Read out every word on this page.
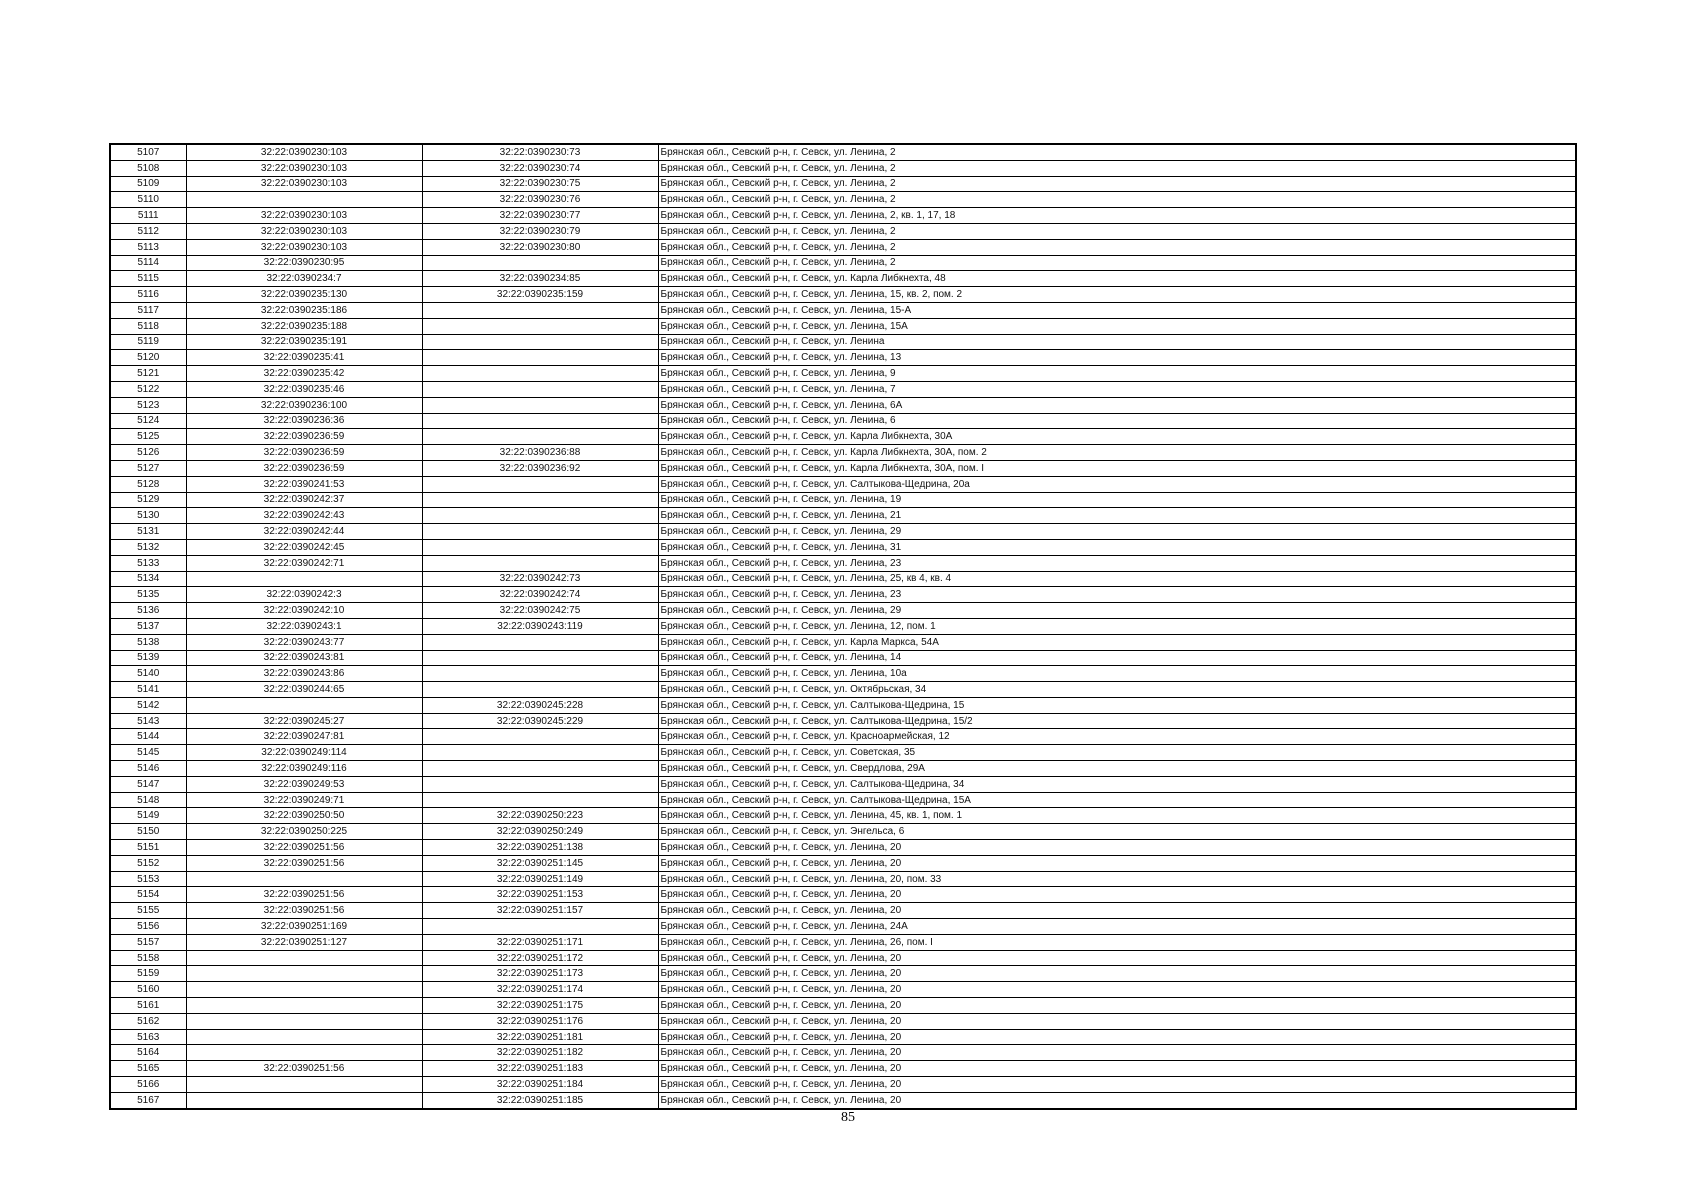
5107	32:22:0390230:103	32:22:0390230:73	Брянская обл., Севский р-н, г. Севск, ул. Ленина, 2
5108	32:22:0390230:103	32:22:0390230:74	Брянская обл., Севский р-н, г. Севск, ул. Ленина, 2
5109	32:22:0390230:103	32:22:0390230:75	Брянская обл., Севский р-н, г. Севск, ул. Ленина, 2
5110		32:22:0390230:76	Брянская обл., Севский р-н, г. Севск, ул. Ленина, 2
5111	32:22:0390230:103	32:22:0390230:77	Брянская обл., Севский р-н, г. Севск, ул. Ленина, 2, кв. 1, 17, 18
5112	32:22:0390230:103	32:22:0390230:79	Брянская обл., Севский р-н, г. Севск, ул. Ленина, 2
5113	32:22:0390230:103	32:22:0390230:80	Брянская обл., Севский р-н, г. Севск, ул. Ленина, 2
5114	32:22:0390230:95		Брянская обл., Севский р-н, г. Севск, ул. Ленина, 2
5115	32:22:0390234:7	32:22:0390234:85	Брянская обл., Севский р-н, г. Севск, ул. Карла Либкнехта, 48
5116	32:22:0390235:130	32:22:0390235:159	Брянская обл., Севский р-н, г. Севск, ул. Ленина, 15, кв. 2, пом. 2
5117	32:22:0390235:186		Брянская обл., Севский р-н, г. Севск, ул. Ленина, 15-А
5118	32:22:0390235:188		Брянская обл., Севский р-н, г. Севск, ул. Ленина, 15А
5119	32:22:0390235:191		Брянская обл., Севский р-н, г. Севск, ул. Ленина
5120	32:22:0390235:41		Брянская обл., Севский р-н, г. Севск, ул. Ленина, 13
5121	32:22:0390235:42		Брянская обл., Севский р-н, г. Севск, ул. Ленина, 9
5122	32:22:0390235:46		Брянская обл., Севский р-н, г. Севск, ул. Ленина, 7
5123	32:22:0390236:100		Брянская обл., Севский р-н, г. Севск, ул. Ленина, 6А
5124	32:22:0390236:36		Брянская обл., Севский р-н, г. Севск, ул. Ленина, 6
5125	32:22:0390236:59		Брянская обл., Севский р-н, г. Севск, ул. Карла Либкнехта, 30А
5126	32:22:0390236:59	32:22:0390236:88	Брянская обл., Севский р-н, г. Севск, ул. Карла Либкнехта, 30А, пом. 2
5127	32:22:0390236:59	32:22:0390236:92	Брянская обл., Севский р-н, г. Севск, ул. Карла Либкнехта, 30А, пом. I
5128	32:22:0390241:53		Брянская обл., Севский р-н, г. Севск, ул. Салтыкова-Щедрина, 20а
5129	32:22:0390242:37		Брянская обл., Севский р-н, г. Севск, ул. Ленина, 19
5130	32:22:0390242:43		Брянская обл., Севский р-н, г. Севск, ул. Ленина, 21
5131	32:22:0390242:44		Брянская обл., Севский р-н, г. Севск, ул. Ленина, 29
5132	32:22:0390242:45		Брянская обл., Севский р-н, г. Севск, ул. Ленина, 31
5133	32:22:0390242:71		Брянская обл., Севский р-н, г. Севск, ул. Ленина, 23
5134		32:22:0390242:73	Брянская обл., Севский р-н, г. Севск, ул. Ленина, 25, кв 4, кв. 4
5135	32:22:0390242:3	32:22:0390242:74	Брянская обл., Севский р-н, г. Севск, ул. Ленина, 23
5136	32:22:0390242:10	32:22:0390242:75	Брянская обл., Севский р-н, г. Севск, ул. Ленина, 29
5137	32:22:0390243:1	32:22:0390243:119	Брянская обл., Севский р-н, г. Севск, ул. Ленина, 12, пом. 1
5138	32:22:0390243:77		Брянская обл., Севский р-н, г. Севск, ул. Карла Маркса, 54А
5139	32:22:0390243:81		Брянская обл., Севский р-н, г. Севск, ул. Ленина, 14
5140	32:22:0390243:86		Брянская обл., Севский р-н, г. Севск, ул. Ленина, 10а
5141	32:22:0390244:65		Брянская обл., Севский р-н, г. Севск, ул. Октябрьская, 34
5142		32:22:0390245:228	Брянская обл., Севский р-н, г. Севск, ул. Салтыкова-Щедрина, 15
5143	32:22:0390245:27	32:22:0390245:229	Брянская обл., Севский р-н, г. Севск, ул. Салтыкова-Щедрина, 15/2
5144	32:22:0390247:81		Брянская обл., Севский р-н, г. Севск, ул. Красноармейская, 12
5145	32:22:0390249:114		Брянская обл., Севский р-н, г. Севск, ул. Советская, 35
5146	32:22:0390249:116		Брянская обл., Севский р-н, г. Севск, ул. Свердлова, 29А
5147	32:22:0390249:53		Брянская обл., Севский р-н, г. Севск, ул. Салтыкова-Щедрина, 34
5148	32:22:0390249:71		Брянская обл., Севский р-н, г. Севск, ул. Салтыкова-Щедрина, 15А
5149	32:22:0390250:50	32:22:0390250:223	Брянская обл., Севский р-н, г. Севск, ул. Ленина, 45, кв. 1, пом. 1
5150	32:22:0390250:225	32:22:0390250:249	Брянская обл., Севский р-н, г. Севск, ул. Энгельса, 6
5151	32:22:0390251:56	32:22:0390251:138	Брянская обл., Севский р-н, г. Севск, ул. Ленина, 20
5152	32:22:0390251:56	32:22:0390251:145	Брянская обл., Севский р-н, г. Севск, ул. Ленина, 20
5153		32:22:0390251:149	Брянская обл., Севский р-н, г. Севск, ул. Ленина, 20, пом. 33
5154	32:22:0390251:56	32:22:0390251:153	Брянская обл., Севский р-н, г. Севск, ул. Ленина, 20
5155	32:22:0390251:56	32:22:0390251:157	Брянская обл., Севский р-н, г. Севск, ул. Ленина, 20
5156	32:22:0390251:169		Брянская обл., Севский р-н, г. Севск, ул. Ленина, 24А
5157	32:22:0390251:127	32:22:0390251:171	Брянская обл., Севский р-н, г. Севск, ул. Ленина, 26, пом. I
5158		32:22:0390251:172	Брянская обл., Севский р-н, г. Севск, ул. Ленина, 20
5159		32:22:0390251:173	Брянская обл., Севский р-н, г. Севск, ул. Ленина, 20
5160		32:22:0390251:174	Брянская обл., Севский р-н, г. Севск, ул. Ленина, 20
5161		32:22:0390251:175	Брянская обл., Севский р-н, г. Севск, ул. Ленина, 20
5162		32:22:0390251:176	Брянская обл., Севский р-н, г. Севск, ул. Ленина, 20
5163		32:22:0390251:181	Брянская обл., Севский р-н, г. Севск, ул. Ленина, 20
5164		32:22:0390251:182	Брянская обл., Севский р-н, г. Севск, ул. Ленина, 20
5165	32:22:0390251:56	32:22:0390251:183	Брянская обл., Севский р-н, г. Севск, ул. Ленина, 20
5166		32:22:0390251:184	Брянская обл., Севский р-н, г. Севск, ул. Ленина, 20
5167		32:22:0390251:185	Брянская обл., Севский р-н, г. Севск, ул. Ленина, 20
85
